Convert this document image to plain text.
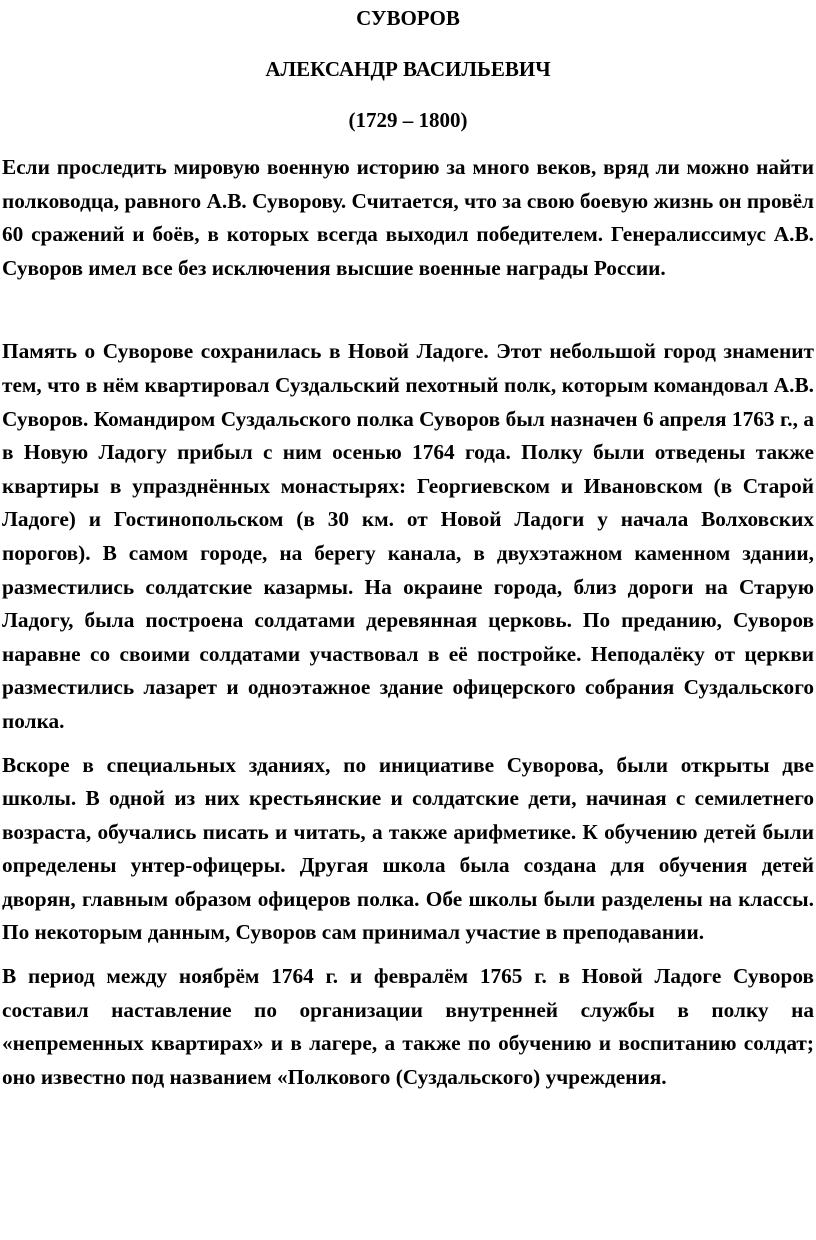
СУВОРОВ

АЛЕКСАНДР ВАСИЛЬЕВИЧ

(1729 – 1800)

Если проследить мировую военную историю за много веков, вряд ли можно найти полководца, равного А.В. Суворову. Считается, что за свою боевую жизнь он провёл 60 сражений и боёв, в которых всегда выходил победителем. Генералиссимус А.В. Суворов имел все без исключения высшие военные награды России.

Память о Суворове сохранилась в Новой Ладоге. Этот небольшой город знаменит тем, что в нём квартировал Суздальский пехотный полк, которым командовал А.В. Суворов. Командиром Суздальского полка Суворов был назначен 6 апреля 1763 г., а в Новую Ладогу прибыл с ним осенью 1764 года. Полку были отведены также квартиры в упразднённых монастырях: Георгиевском и Ивановском (в Старой Ладоге) и Гостинопольском (в 30 км. от Новой Ладоги у начала Волховских порогов). В самом городе, на берегу канала, в двухэтажном каменном здании, разместились солдатские казармы. На окраине города, близ дороги на Старую Ладогу, была построена солдатами деревянная церковь. По преданию, Суворов наравне со своими солдатами участвовал в её постройке. Неподалёку от церкви разместились лазарет и одноэтажное здание офицерского собрания Суздальского полка.

Вскоре в специальных зданиях, по инициативе Суворова, были открыты две школы. В одной из них крестьянские и солдатские дети, начиная с семилетнего возраста, обучались писать и читать, а также арифметике. К обучению детей были определены унтер-офицеры. Другая школа была создана для обучения детей дворян, главным образом офицеров полка. Обе школы были разделены на классы. По некоторым данным, Суворов сам принимал участие в преподавании.

В период между ноябрём 1764 г. и февралём 1765 г. в Новой Ладоге Суворов составил наставление по организации внутренней службы в полку на «непременных квартирах» и в лагере, а также по обучению и воспитанию солдат; оно известно под названием «Полкового (Суздальского) учреждения.
